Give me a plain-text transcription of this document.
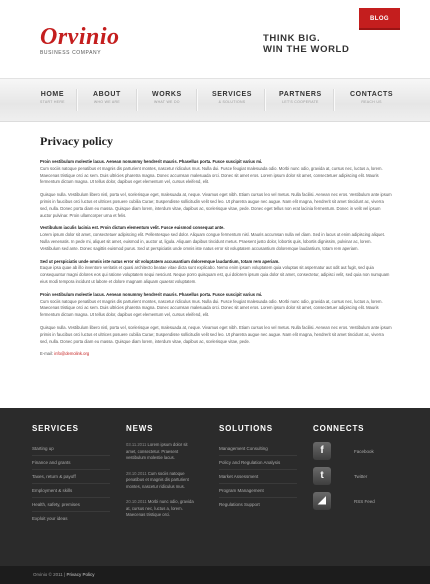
Orvinio
BUSINESS COMPANY
THINK BIG.
WIN THE WORLD
BLOG
HOME
START HERE
ABOUT
WHO WE ARE
WORKS
WHAT WE DO
SERVICES
& SOLUTIONS
PARTNERS
LET'S COOPERATE
CONTACTS
REACH US
Privacy policy

Proin vestibulum molestie lacus. Aenean nonummy hendrerit mauris. Phasellus porta. Fusce suscipit varius mi.
Cum sociis natoque penatibus et magnis dis parturient montes, nascetur ridiculus mus. Nulla dui. Fusce feugiat malesuada odio. Morbi nunc odio, gravida at, cursus nec, luctus a, lorem. Maecenas tristique orci ac sem. Duis ultricies pharetra magna. Donec accumsan malesuada orci. Donec sit amet eros. Lorem ipsum dolor sit amet, consectetuer adipiscing elit. Mauris fermentum dictum magna. Ut tellus dolor, dapibus eget elementum vel, cursus eleifend, elit.

Quisque nulla. Vestibulum libero nisl, porta vel, scelerisque eget, malesuada at, neque. Vivamus eget nibh. Etiam cursus leo vel metus. Nulla facilisi. Aenean nec eros. Vestibulum ante ipsum primis in faucibus orci luctus et ultrices posuere cubilia Curae; Suspendisse sollicitudin velit sed leo. Ut pharetra augue nec augue. Nam elit magna, hendrerit sit amet tincidunt ac, viverra sed, nulla. Donec porta diam eu massa. Quisque diam lorem, interdum vitae, dapibus ac, scelerisque vitae, pede. Donec eget tellus non erat lacinia fermentum. Donec in velit vel ipsum auctor pulvinar. Proin ullamcorper urna et felis.

Vestibulum iaculis lacinia est. Proin dictum elementum velit. Fusce euismod consequat ante.
Lorem ipsum dolor sit amet, consectetuer adipiscing elit. Pellentesque sed dolor. Aliquam congue fermentum nisl. Mauris accumsan nulla vel diam. Sed in lacus ut enim adipiscing aliquet. Nulla venenatis. In pede mi, aliquet sit amet, euismod in, auctor ut, ligula. Aliquam dapibus tincidunt metus. Praesent justo dolor, lobortis quis, lobortis dignissim, pulvinar ac, lorem. Vestibulum sed ante. Donec sagittis euismod purus. Sed ut perspiciatis unde omnis iste natus error sit voluptatem accusantium doloremque laudantium, totam rem aperiam.

Sed ut perspiciatis unde omnis iste natus error sit voluptatem accusantium doloremque laudantium, totam rem aperiam.
Eaque ipsa quae ab illo inventore veritatis et quasi architecto beatae vitae dicta sunt explicabo. Nemo enim ipsam voluptatem quia voluptas sit aspernatur aut odit aut fugit, sed quia consequuntur magni dolores eos qui ratione voluptatem sequi nesciunt. Neque porro quisquam est, qui dolorem ipsum quia dolor sit amet, consectetur, adipisci velit, sed quia non numquam eius modi tempora incidunt ut labore et dolore magnam aliquam quaerat voluptatem.

Proin vestibulum molestie lacus. Aenean nonummy hendrerit mauris. Phasellus porta. Fusce suscipit varius mi.
Cum sociis natoque penatibus et magnis dis parturient montes, nascetur ridiculus mus. Nulla dui. Fusce feugiat malesuada odio. Morbi nunc odio, gravida at, cursus nec, luctus a, lorem. Maecenas tristique orci ac sem. Duis ultricies pharetra magna. Donec accumsan malesuada orci. Donec sit amet eros. Lorem ipsum dolor sit amet, consectetuer adipiscing elit. Mauris fermentum dictum magna. Ut tellus dolor, dapibus eget elementum vel, cursus eleifend, elit.

Quisque nulla. Vestibulum libero nisl, porta vel, scelerisque eget, malesuada at, neque. Vivamus eget nibh. Etiam cursus leo vel metus. Nulla facilisi. Aenean nec eros. Vestibulum ante ipsum primis in faucibus orci luctus et ultrices posuere cubilia Curae; Suspendisse sollicitudin velit sed leo. Ut pharetra augue nec augue. Nam elit magna, hendrerit sit amet tincidunt ac, viverra sed, nulla. Donec porta diam eu massa. Quisque diam lorem, interdum vitae, dapibus ac, scelerisque vitae, pede.

E-mail: info@demolink.org
SERVICES
Starting up
Finance and grants
Taxes, return & payoff
Employment & skills
Health, safety, premises
Exploit your ideas
NEWS
03.11.2011 Lorem ipsum dolor sit amet, consectetur. Praesent vestibulum molestie lacus.
28.10.2011 Cum sociis natoque penatibus et magnis dis parturient montes, nascetur ridiculus mus.
20.10.2011 Morbi nunc odio, gravida at, cursus nec, luctus a, lorem. Maecenas tristique orci.
SOLUTIONS
Management Consulting
Policy and Regulation Analysis
Market Assessment
Program Management
Regulations Support
CONNECTS
f	Facebook
t	Twitter
◢	RSS Feed
Orvinio © 2011 | Privacy Policy
